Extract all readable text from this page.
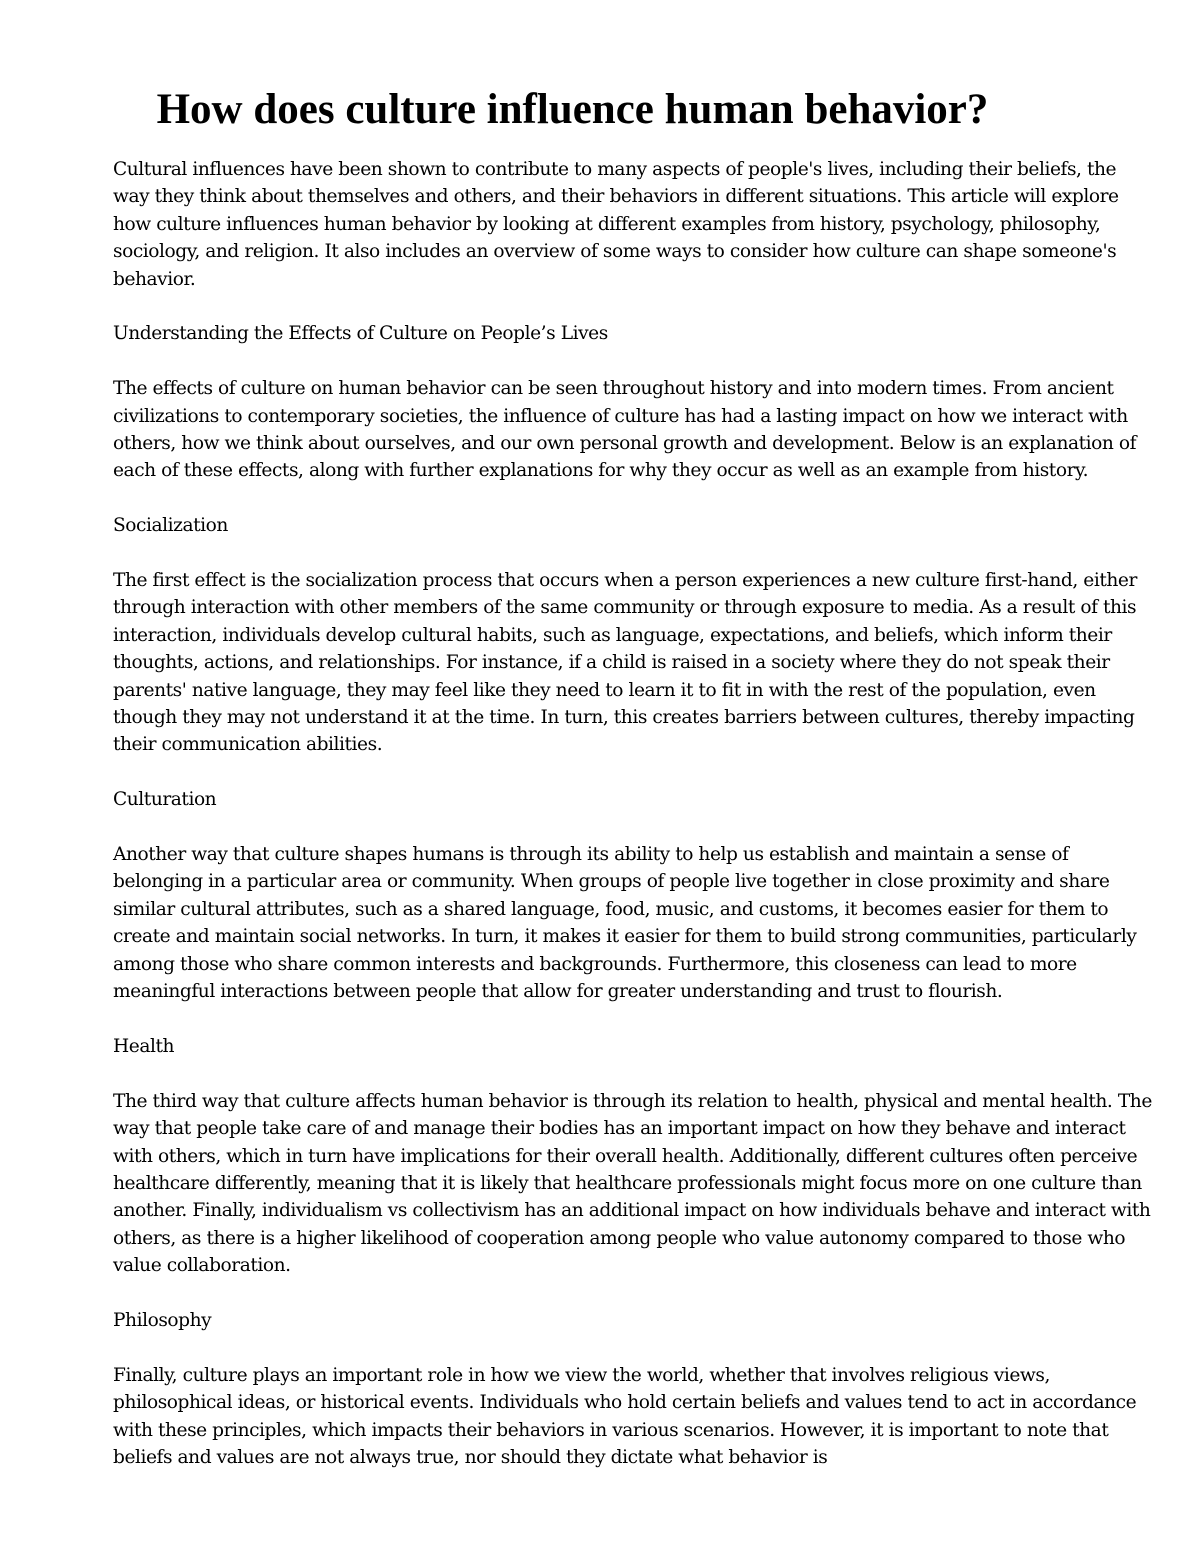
How does culture influence human behavior?

Cultural influences have been shown to contribute to many aspects of people's lives, including their beliefs, the way they think about themselves and others, and their behaviors in different situations. This article will explore how culture influences human behavior by looking at different examples from history, psychology, philosophy, sociology, and religion. It also includes an overview of some ways to consider how culture can shape someone's behavior.

Understanding the Effects of Culture on People’s Lives

The effects of culture on human behavior can be seen throughout history and into modern times. From ancient civilizations to contemporary societies, the influence of culture has had a lasting impact on how we interact with others, how we think about ourselves, and our own personal growth and development. Below is an explanation of each of these effects, along with further explanations for why they occur as well as an example from history.

Socialization

The first effect is the socialization process that occurs when a person experiences a new culture first-hand, either through interaction with other members of the same community or through exposure to media. As a result of this interaction, individuals develop cultural habits, such as language, expectations, and beliefs, which inform their thoughts, actions, and relationships. For instance, if a child is raised in a society where they do not speak their parents' native language, they may feel like they need to learn it to fit in with the rest of the population, even though they may not understand it at the time. In turn, this creates barriers between cultures, thereby impacting their communication abilities.

Culturation

Another way that culture shapes humans is through its ability to help us establish and maintain a sense of belonging in a particular area or community. When groups of people live together in close proximity and share similar cultural attributes, such as a shared language, food, music, and customs, it becomes easier for them to create and maintain social networks. In turn, it makes it easier for them to build strong communities, particularly among those who share common interests and backgrounds. Furthermore, this closeness can lead to more meaningful interactions between people that allow for greater understanding and trust to flourish.

Health

The third way that culture affects human behavior is through its relation to health, physical and mental health. The way that people take care of and manage their bodies has an important impact on how they behave and interact with others, which in turn have implications for their overall health. Additionally, different cultures often perceive healthcare differently, meaning that it is likely that healthcare professionals might focus more on one culture than another. Finally, individualism vs collectivism has an additional impact on how individuals behave and interact with others, as there is a higher likelihood of cooperation among people who value autonomy compared to those who value collaboration.

Philosophy

Finally, culture plays an important role in how we view the world, whether that involves religious views, philosophical ideas, or historical events. Individuals who hold certain beliefs and values tend to act in accordance with these principles, which impacts their behaviors in various scenarios. However, it is important to note that beliefs and values are not always true, nor should they dictate what behavior is
